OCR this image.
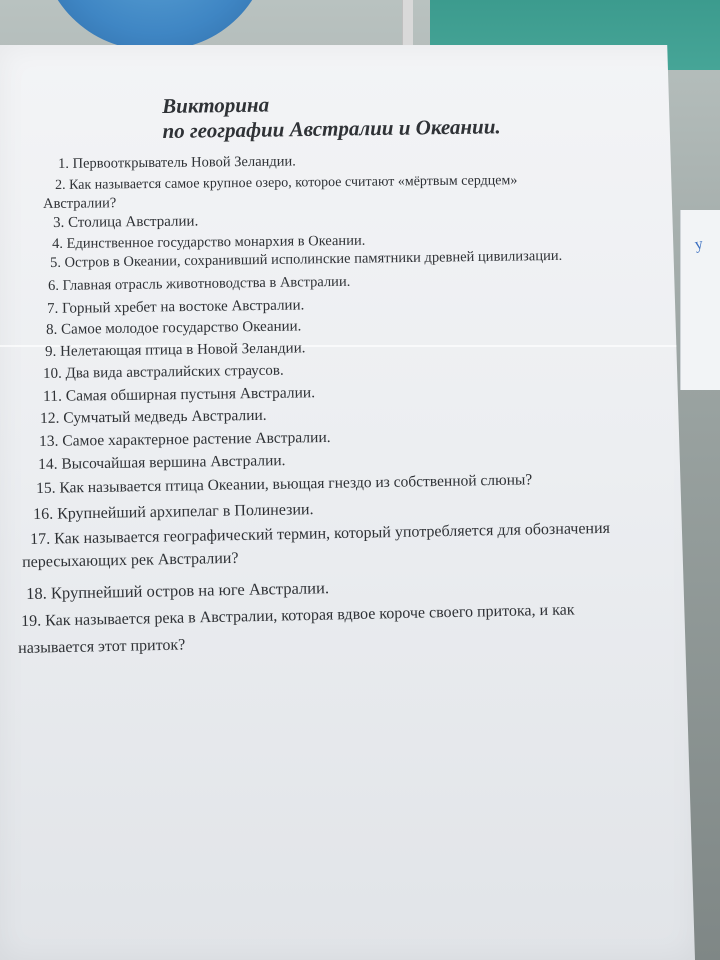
у
Викторина
по географии Австралии и Океании.
1. Первооткрыватель Новой Зеландии.
2. Как называется самое крупное озеро, которое считают «мёртвым сердцем»
Австралии?
3. Столица Австралии.
4. Единственное государство монархия в Океании.
5. Остров в Океании, сохранивший исполинские памятники древней цивилизации.
6. Главная отрасль животноводства в Австралии.
7. Горный хребет на востоке Австралии.
8. Самое молодое государство Океании.
9. Нелетающая птица в Новой Зеландии.
10. Два вида австралийских страусов.
11. Самая обширная пустыня Австралии.
12. Сумчатый медведь Австралии.
13. Самое характерное растение Австралии.
14. Высочайшая вершина Австралии.
15. Как называется птица Океании, вьющая гнездо из собственной слюны?
16. Крупнейший архипелаг в Полинезии.
17. Как называется географический термин, который употребляется для обозначения
пересыхающих рек Австралии?
18. Крупнейший остров на юге Австралии.
19. Как называется река в Австралии, которая вдвое короче своего притока, и как
называется этот приток?
